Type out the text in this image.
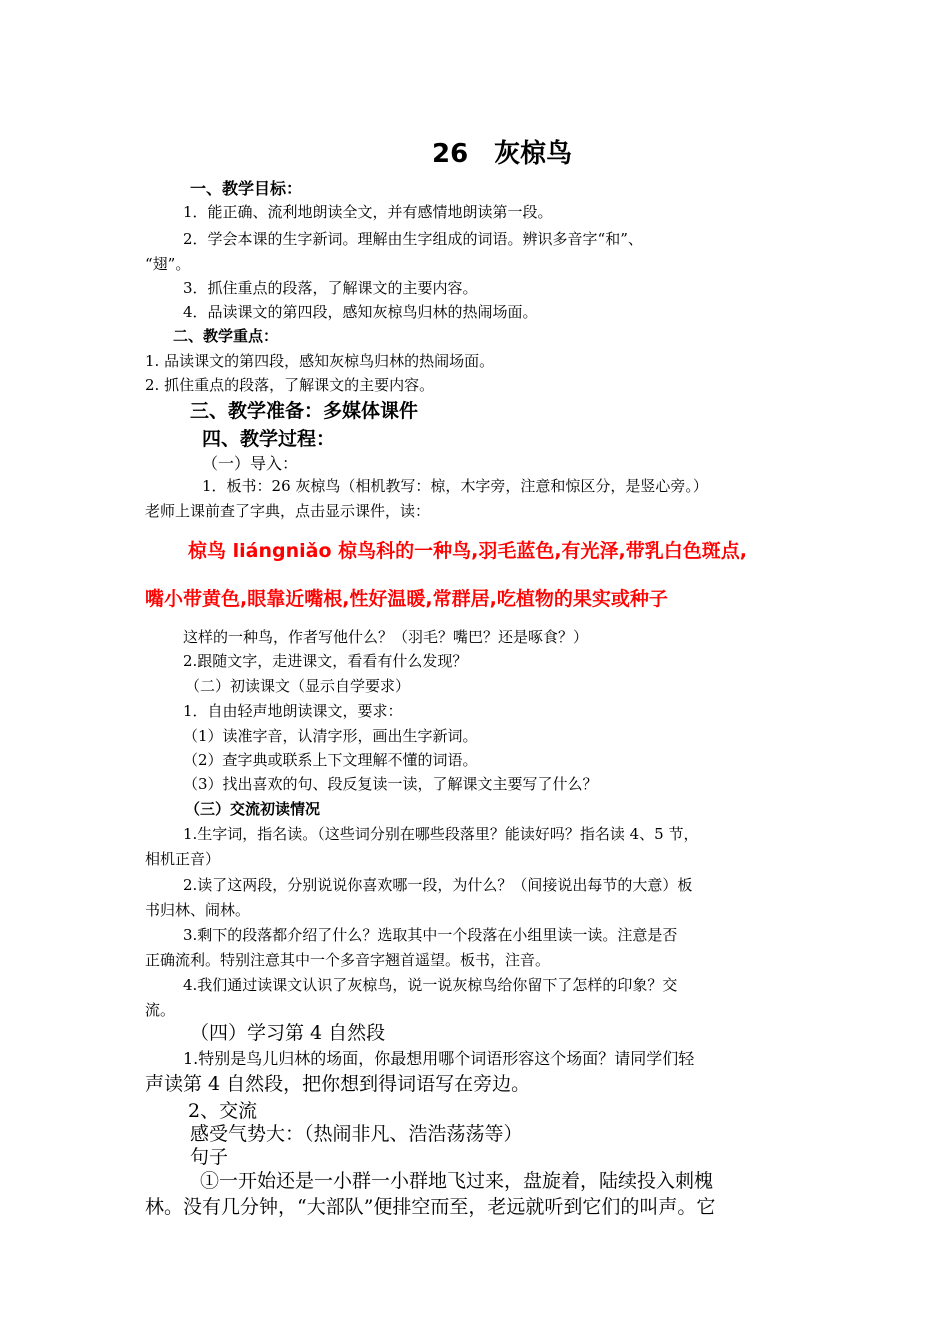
26　灰椋鸟
一、教学目标：
1．能正确、流利地朗读全文，并有感情地朗读第一段。
2．学会本课的生字新词。理解由生字组成的词语。辨识多音字“和”、
“翅”。
3．抓住重点的段落，了解课文的主要内容。
4．品读课文的第四段，感知灰椋鸟归林的热闹场面。
二、教学重点：
1. 品读课文的第四段，感知灰椋鸟归林的热闹场面。
2. 抓住重点的段落，了解课文的主要内容。
三、教学准备：多媒体课件
四、教学过程：
（一）导入：
1．板书：26 灰椋鸟（相机教写：椋，木字旁，注意和惊区分，是竖心旁。）
老师上课前查了字典，点击显示课件，读：
椋鸟 liángniǎo 椋鸟科的一种鸟,羽毛蓝色,有光泽,带乳白色斑点,
嘴小带黄色,眼靠近嘴根,性好温暖,常群居,吃植物的果实或种子
这样的一种鸟，作者写他什么？（羽毛？嘴巴？还是啄食？）
2.跟随文字，走进课文，看看有什么发现？
（二）初读课文（显示自学要求）
1．自由轻声地朗读课文，要求：
（1）读准字音，认清字形，画出生字新词。
（2）查字典或联系上下文理解不懂的词语。
（3）找出喜欢的句、段反复读一读，了解课文主要写了什么？
（三）交流初读情况
1.生字词，指名读。（这些词分别在哪些段落里？能读好吗？指名读 4、5 节，
相机正音）
2.读了这两段，分别说说你喜欢哪一段，为什么？（间接说出每节的大意）板
书归林、闹林。
3.剩下的段落都介绍了什么？选取其中一个段落在小组里读一读。注意是否
正确流利。特别注意其中一个多音字翘首遥望。板书，注音。
4.我们通过读课文认识了灰椋鸟，说一说灰椋鸟给你留下了怎样的印象？交
流。
（四）学习第 4 自然段
1.特别是鸟儿归林的场面，你最想用哪个词语形容这个场面？请同学们轻
声读第 4 自然段，把你想到得词语写在旁边。
2、交流
感受气势大：（热闹非凡、浩浩荡荡等）
句子
①一开始还是一小群一小群地飞过来，盘旋着，陆续投入刺槐
林。没有几分钟，“大部队”便排空而至，老远就听到它们的叫声。它
